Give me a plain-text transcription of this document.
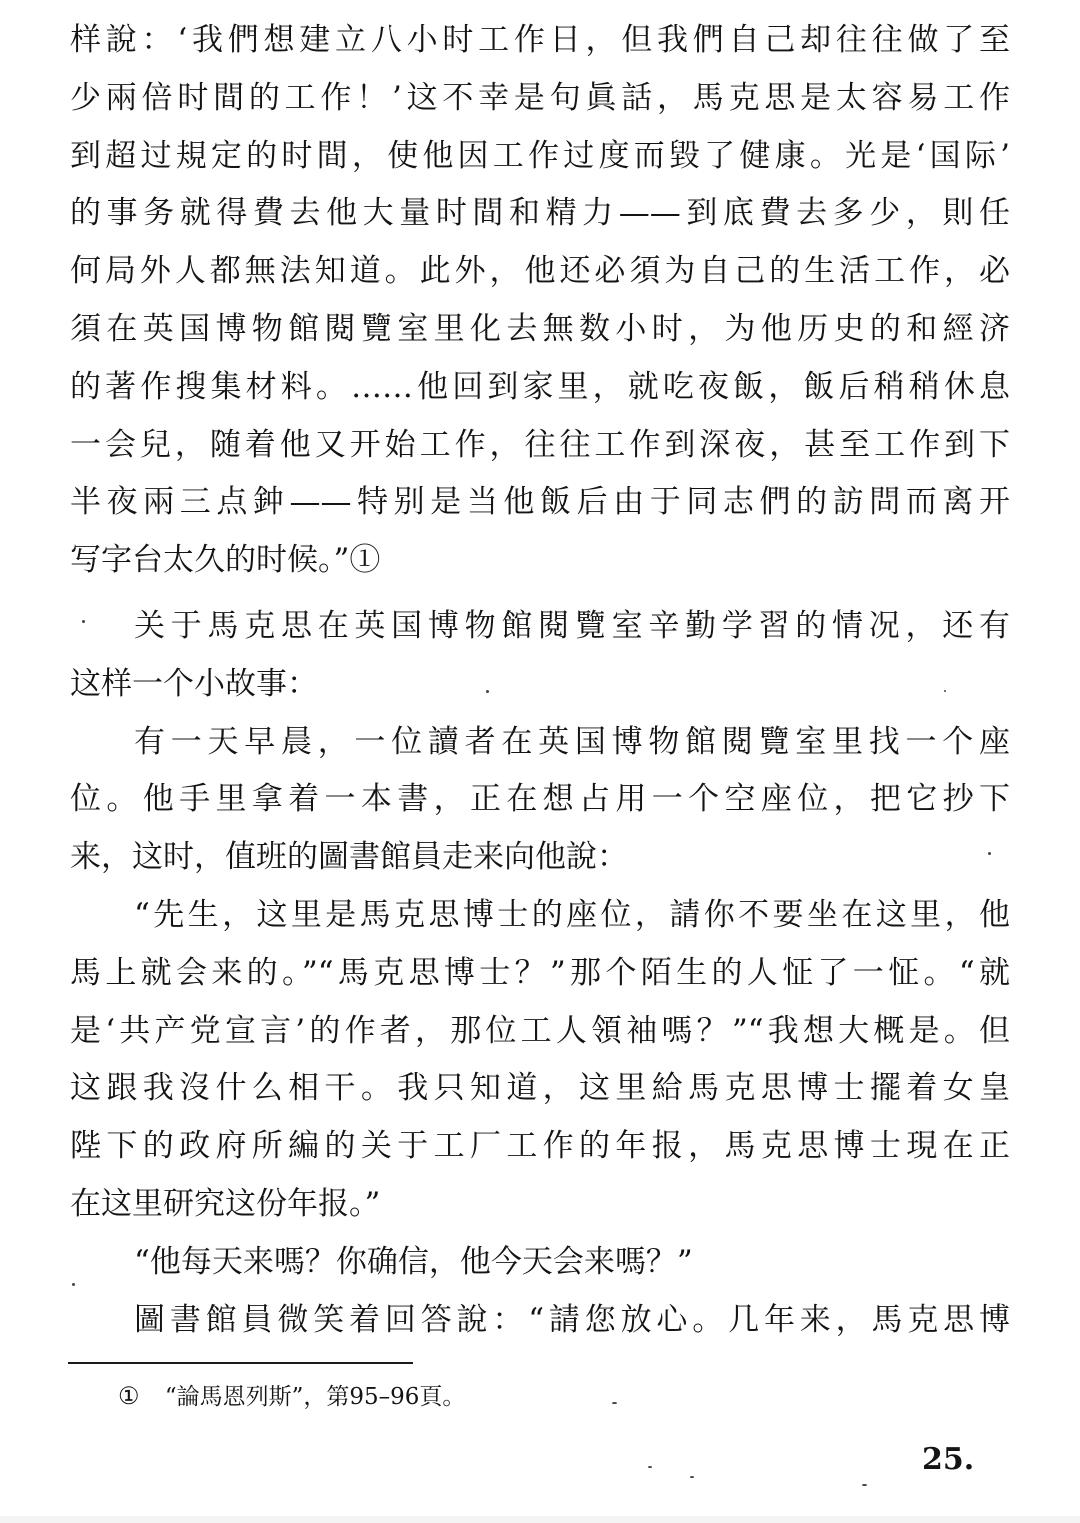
样說：‘我們想建立八小时工作日，但我們自己却往往做了至
少兩倍时間的工作！’这不幸是句眞話，馬克思是太容易工作
到超过規定的时間，使他因工作过度而毀了健康。光是‘国际’
的事务就得費去他大量时間和精力——到底費去多少，則任
何局外人都無法知道。此外，他还必須为自己的生活工作，必
須在英国博物館閱覽室里化去無数小时，为他历史的和經济
的著作搜集材料。……他回到家里，就吃夜飯，飯后稍稍休息
一会兒，随着他又开始工作，往往工作到深夜，甚至工作到下
半夜兩三点鈡——特别是当他飯后由于同志們的訪問而离开
写字台太久的时候。”①
关于馬克思在英国博物館閱覽室辛勤学習的情况，还有
这样一个小故事：
有一天早晨，一位讀者在英国博物館閱覽室里找一个座
位。他手里拿着一本書，正在想占用一个空座位，把它抄下
来，这时，值班的圖書館員走来向他說：
“先生，这里是馬克思博士的座位，請你不要坐在这里，他
馬上就会来的。”“馬克思博士？”那个陌生的人怔了一怔。“就
是‘共产党宣言’的作者，那位工人領袖嗎？”“我想大概是。但
这跟我沒什么相干。我只知道，这里給馬克思博士擺着女皇
陛下的政府所編的关于工厂工作的年报，馬克思博士現在正
在这里研究这份年报。”
“他每天来嗎？你确信，他今天会来嗎？”
圖書館員微笑着回答說：“請您放心。几年来，馬克思博
① “論馬恩列斯”，第95–96頁。
25.
